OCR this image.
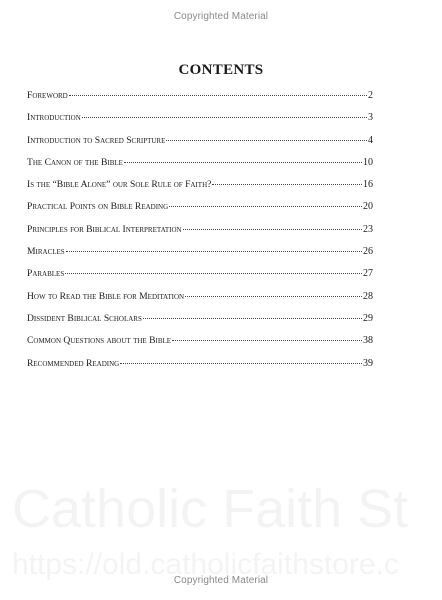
Copyrighted Material
CONTENTS
Foreword	2
Introduction	3
Introduction to Sacred Scripture	4
The Canon of the Bible	10
Is the “Bible Alone” our Sole Rule of Faith?	16
Practical Points on Bible Reading	20
Principles for Biblical Interpretation	23
Miracles	26
Parables	27
How to Read the Bible for Meditation	28
Dissident Biblical Scholars	29
Common Questions about the Bible	38
Recommended Reading	39
Copyrighted Material
